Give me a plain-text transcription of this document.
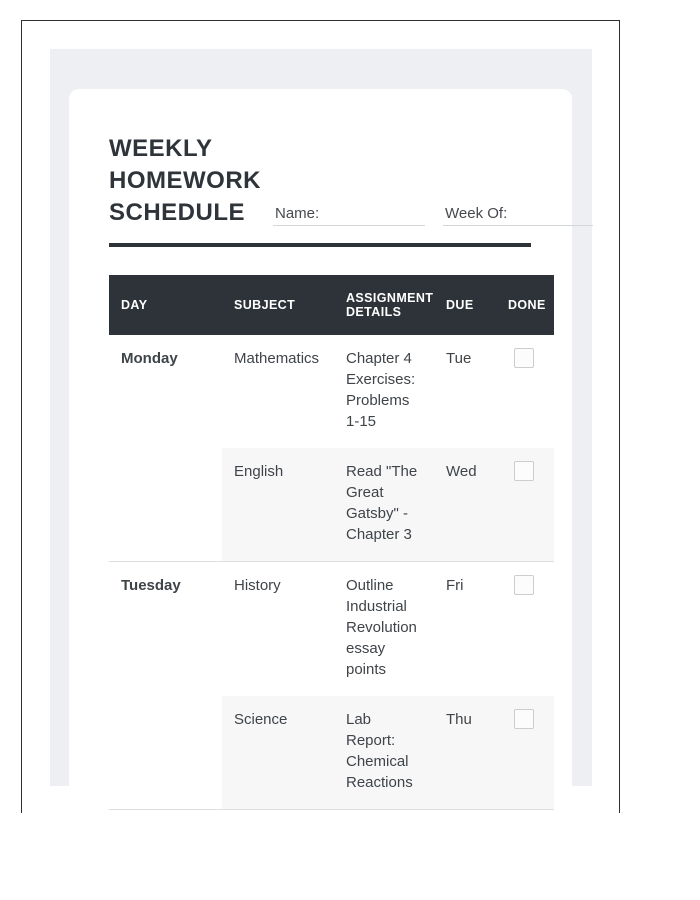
WEEKLY HOMEWORK SCHEDULE	Name:	Week Of:
DAY	SUBJECT	ASSIGNMENT DETAILS	DUE	DONE
Monday	Mathematics	Chapter 4 Exercises: Problems 1-15	Tue	
	English	Read "The Great Gatsby" - Chapter 3	Wed	
Tuesday	History	Outline Industrial Revolution essay points	Fri	
	Science	Lab Report: Chemical Reactions	Thu	
